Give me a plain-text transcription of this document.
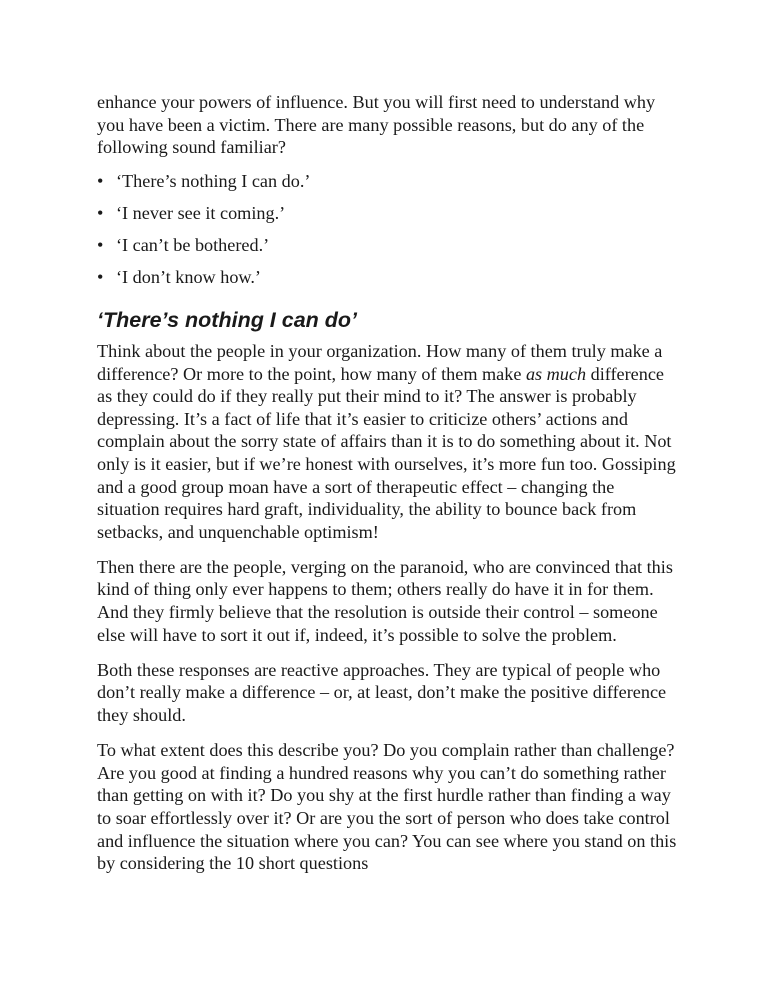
enhance your powers of influence. But you will first need to understand why you have been a victim. There are many possible reasons, but do any of the following sound familiar?

• ‘There’s nothing I can do.’
• ‘I never see it coming.’
• ‘I can’t be bothered.’
• ‘I don’t know how.’
‘There’s nothing I can do’

Think about the people in your organization. How many of them truly make a difference? Or more to the point, how many of them make as much difference as they could do if they really put their mind to it? The answer is probably depressing. It’s a fact of life that it’s easier to criticize others’ actions and complain about the sorry state of affairs than it is to do something about it. Not only is it easier, but if we’re honest with ourselves, it’s more fun too. Gossiping and a good group moan have a sort of therapeutic effect – changing the situation requires hard graft, individuality, the ability to bounce back from setbacks, and unquenchable optimism!

Then there are the people, verging on the paranoid, who are convinced that this kind of thing only ever happens to them; others really do have it in for them. And they firmly believe that the resolution is outside their control – someone else will have to sort it out if, indeed, it’s possible to solve the problem.

Both these responses are reactive approaches. They are typical of people who don’t really make a difference – or, at least, don’t make the positive difference they should.

To what extent does this describe you? Do you complain rather than challenge? Are you good at finding a hundred reasons why you can’t do something rather than getting on with it? Do you shy at the first hurdle rather than finding a way to soar effortlessly over it? Or are you the sort of person who does take control and influence the situation where you can? You can see where you stand on this by considering the 10 short questions
